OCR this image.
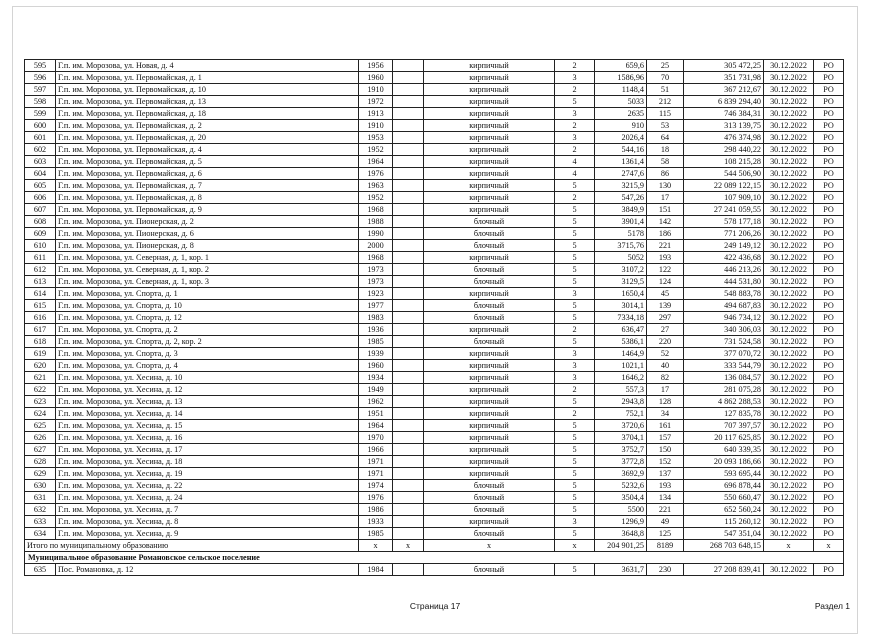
595	Г.п. им. Морозова, ул. Новая, д. 4	1956		кирпичный	2	659,6	25	305 472,25	30.12.2022	РО
596	Г.п. им. Морозова, ул. Первомайская, д. 1	1960		кирпичный	3	1586,96	70	351 731,98	30.12.2022	РО
597	Г.п. им. Морозова, ул. Первомайская, д. 10	1910		кирпичный	2	1148,4	51	367 212,67	30.12.2022	РО
598	Г.п. им. Морозова, ул. Первомайская, д. 13	1972		кирпичный	5	5033	212	6 839 294,40	30.12.2022	РО
599	Г.п. им. Морозова, ул. Первомайская, д. 18	1913		кирпичный	3	2635	115	746 384,31	30.12.2022	РО
600	Г.п. им. Морозова, ул. Первомайская, д. 2	1910		кирпичный	2	910	53	313 139,75	30.12.2022	РО
601	Г.п. им. Морозова, ул. Первомайская, д. 20	1953		кирпичный	3	2026,4	64	476 374,98	30.12.2022	РО
602	Г.п. им. Морозова, ул. Первомайская, д. 4	1952		кирпичный	2	544,16	18	298 440,22	30.12.2022	РО
603	Г.п. им. Морозова, ул. Первомайская, д. 5	1964		кирпичный	4	1361,4	58	108 215,28	30.12.2022	РО
604	Г.п. им. Морозова, ул. Первомайская, д. 6	1976		кирпичный	4	2747,6	86	544 506,90	30.12.2022	РО
605	Г.п. им. Морозова, ул. Первомайская, д. 7	1963		кирпичный	5	3215,9	130	22 089 122,15	30.12.2022	РО
606	Г.п. им. Морозова, ул. Первомайская, д. 8	1952		кирпичный	2	547,26	17	107 909,10	30.12.2022	РО
607	Г.п. им. Морозова, ул. Первомайская, д. 9	1968		кирпичный	5	3849,9	151	27 241 059,55	30.12.2022	РО
608	Г.п. им. Морозова, ул. Пионерская, д. 2	1988		блочный	5	3901,4	142	578 177,18	30.12.2022	РО
609	Г.п. им. Морозова, ул. Пионерская, д. 6	1990		блочный	5	5178	186	771 206,26	30.12.2022	РО
610	Г.п. им. Морозова, ул. Пионерская, д. 8	2000		блочный	5	3715,76	221	249 149,12	30.12.2022	РО
611	Г.п. им. Морозова, ул. Северная, д. 1, кор. 1	1968		кирпичный	5	5052	193	422 436,68	30.12.2022	РО
612	Г.п. им. Морозова, ул. Северная, д. 1, кор. 2	1973		блочный	5	3107,2	122	446 213,26	30.12.2022	РО
613	Г.п. им. Морозова, ул. Северная, д. 1, кор. 3	1973		блочный	5	3129,5	124	444 531,80	30.12.2022	РО
614	Г.п. им. Морозова, ул. Спорта, д. 1	1923		кирпичный	3	1650,4	45	548 883,78	30.12.2022	РО
615	Г.п. им. Морозова, ул. Спорта, д. 10	1977		блочный	5	3014,1	139	494 687,83	30.12.2022	РО
616	Г.п. им. Морозова, ул. Спорта, д. 12	1983		блочный	5	7334,18	297	946 734,12	30.12.2022	РО
617	Г.п. им. Морозова, ул. Спорта, д. 2	1936		кирпичный	2	636,47	27	340 306,03	30.12.2022	РО
618	Г.п. им. Морозова, ул. Спорта, д. 2, кор. 2	1985		блочный	5	5386,1	220	731 524,58	30.12.2022	РО
619	Г.п. им. Морозова, ул. Спорта, д. 3	1939		кирпичный	3	1464,9	52	377 070,72	30.12.2022	РО
620	Г.п. им. Морозова, ул. Спорта, д. 4	1960		кирпичный	3	1021,1	40	333 544,79	30.12.2022	РО
621	Г.п. им. Морозова, ул. Хесина, д. 10	1934		кирпичный	3	1646,2	82	136 084,57	30.12.2022	РО
622	Г.п. им. Морозова, ул. Хесина, д. 12	1949		кирпичный	2	557,3	17	281 075,28	30.12.2022	РО
623	Г.п. им. Морозова, ул. Хесина, д. 13	1962		кирпичный	5	2943,8	128	4 862 288,53	30.12.2022	РО
624	Г.п. им. Морозова, ул. Хесина, д. 14	1951		кирпичный	2	752,1	34	127 835,78	30.12.2022	РО
625	Г.п. им. Морозова, ул. Хесина, д. 15	1964		кирпичный	5	3720,6	161	707 397,57	30.12.2022	РО
626	Г.п. им. Морозова, ул. Хесина, д. 16	1970		кирпичный	5	3704,1	157	20 117 625,85	30.12.2022	РО
627	Г.п. им. Морозова, ул. Хесина, д. 17	1966		кирпичный	5	3752,7	150	640 339,35	30.12.2022	РО
628	Г.п. им. Морозова, ул. Хесина, д. 18	1971		кирпичный	5	3772,8	152	20 093 186,66	30.12.2022	РО
629	Г.п. им. Морозова, ул. Хесина, д. 19	1971		кирпичный	5	3692,9	137	593 695,44	30.12.2022	РО
630	Г.п. им. Морозова, ул. Хесина, д. 22	1974		блочный	5	5232,6	193	696 878,44	30.12.2022	РО
631	Г.п. им. Морозова, ул. Хесина, д. 24	1976		блочный	5	3504,4	134	550 660,47	30.12.2022	РО
632	Г.п. им. Морозова, ул. Хесина, д. 7	1986		блочный	5	5500	221	652 560,24	30.12.2022	РО
633	Г.п. им. Морозова, ул. Хесина, д. 8	1933		кирпичный	3	1296,9	49	115 260,12	30.12.2022	РО
634	Г.п. им. Морозова, ул. Хесина, д. 9	1985		блочный	5	3648,8	125	547 351,04	30.12.2022	РО
Итого по муниципальному образованию		x	x	x	x	204 901,25	8189	268 703 648,15	x	x
Муниципальное образование Романовское сельское поселение										
635	Пос. Романовка, д. 12	1984		блочный	5	3631,7	230	27 208 839,41	30.12.2022	РО
Страница 17	Раздел 1
